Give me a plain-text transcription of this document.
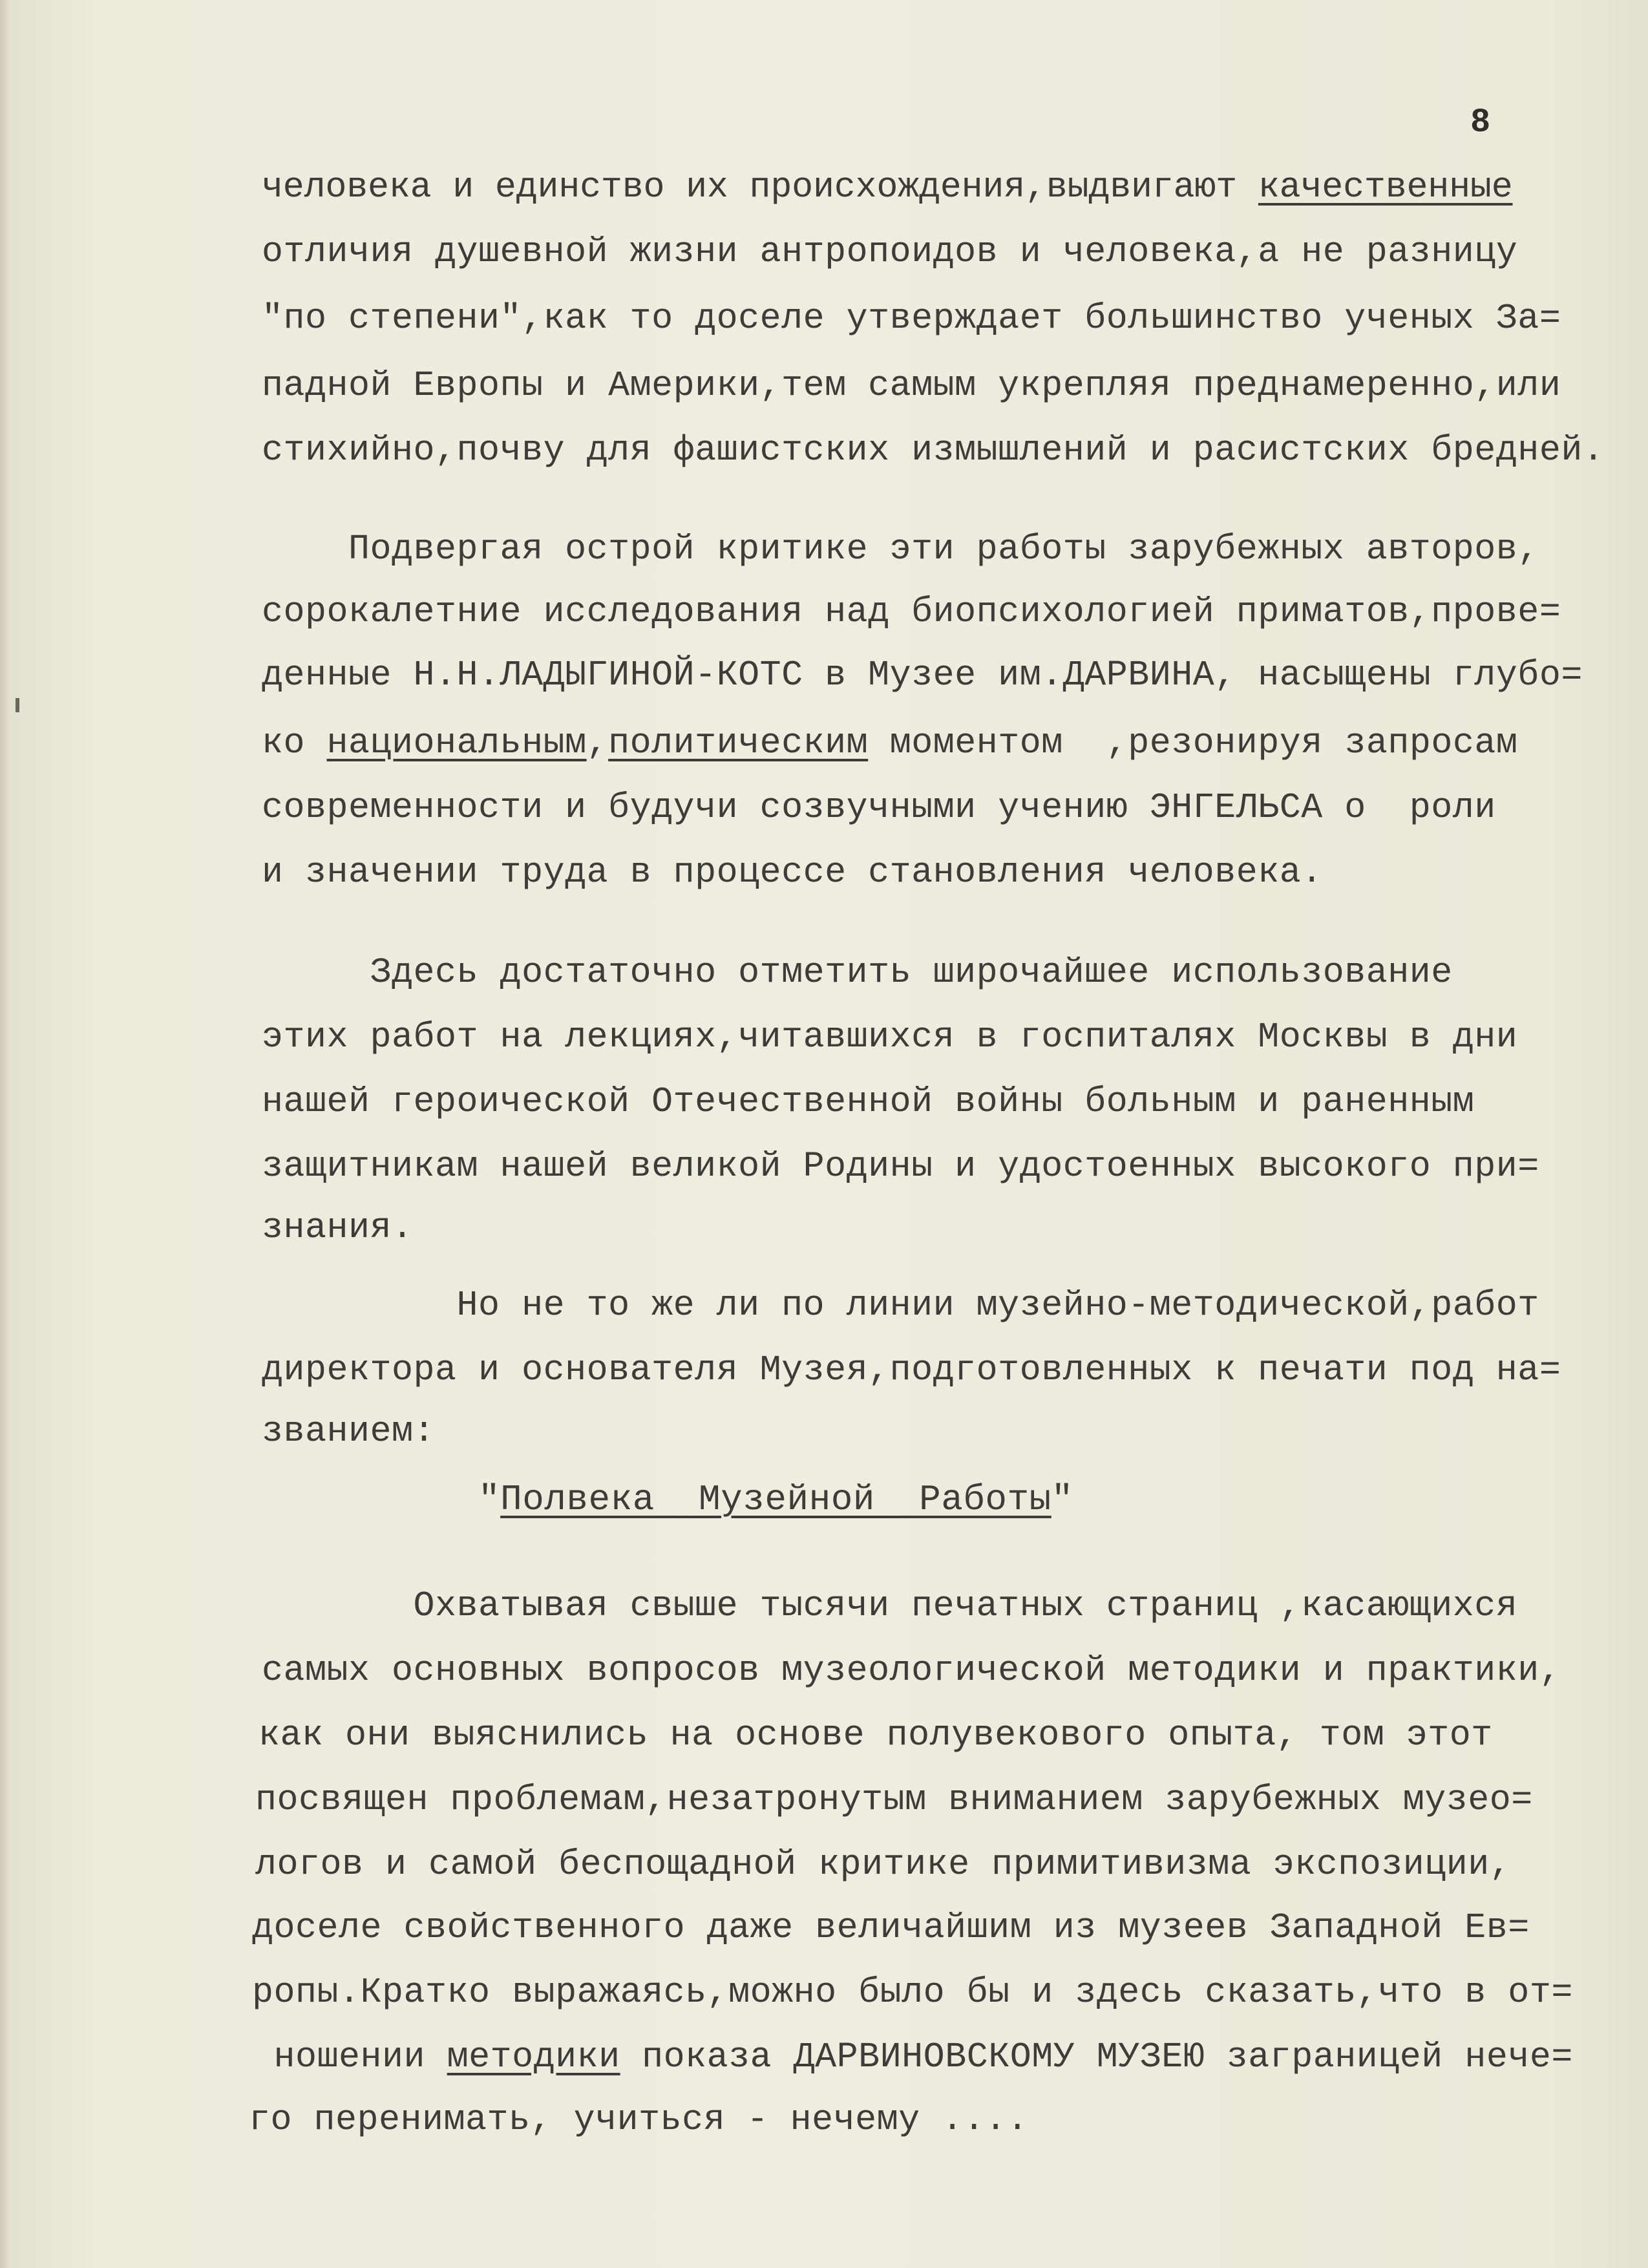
8
человека и единство их происхождения,выдвигают качественные
отличия душевной жизни антропоидов и человека,а не разницу
"по степени",как то доселе утверждает большинство ученых За=
падной Европы и Америки,тем самым укрепляя преднамеренно,или
стихийно,почву для фашистских измышлений и расистских бредней.
Подвергая острой критике эти работы зарубежных авторов,
сорокалетние исследования над биопсихологией приматов,прове=
денные Н.Н.ЛАДЫГИНОЙ-КОТС в Музее им.ДАРВИНА, насыщены глубо=
ко национальным,политическим моментом  ,резонируя запросам
современности и будучи созвучными учению ЭНГЕЛЬСА о  роли
и значении труда в процессе становления человека.
Здесь достаточно отметить широчайшее использование
этих работ на лекциях,читавшихся в госпиталях Москвы в дни
нашей героической Отечественной войны больным и раненным
защитникам нашей великой Родины и удостоенных высокого при=
знания.
Но не то же ли по линии музейно-методической,работ
директора и основателя Музея,подготовленных к печати под на=
званием:
"Полвека  Музейной  Работы"
Охватывая свыше тысячи печатных страниц ,касающихся
самых основных вопросов музеологической методики и практики,
как они выяснились на основе полувекового опыта, том этот
посвящен проблемам,незатронутым вниманием зарубежных музео=
логов и самой беспощадной критике примитивизма экспозиции,
доселе свойственного даже величайшим из музеев Западной Ев=
ропы.Кратко выражаясь,можно было бы и здесь сказать,что в от=
ношении методики показа ДАРВИНОВСКОМУ МУЗЕЮ заграницей нече=
го перенимать, учиться - нечему ....
